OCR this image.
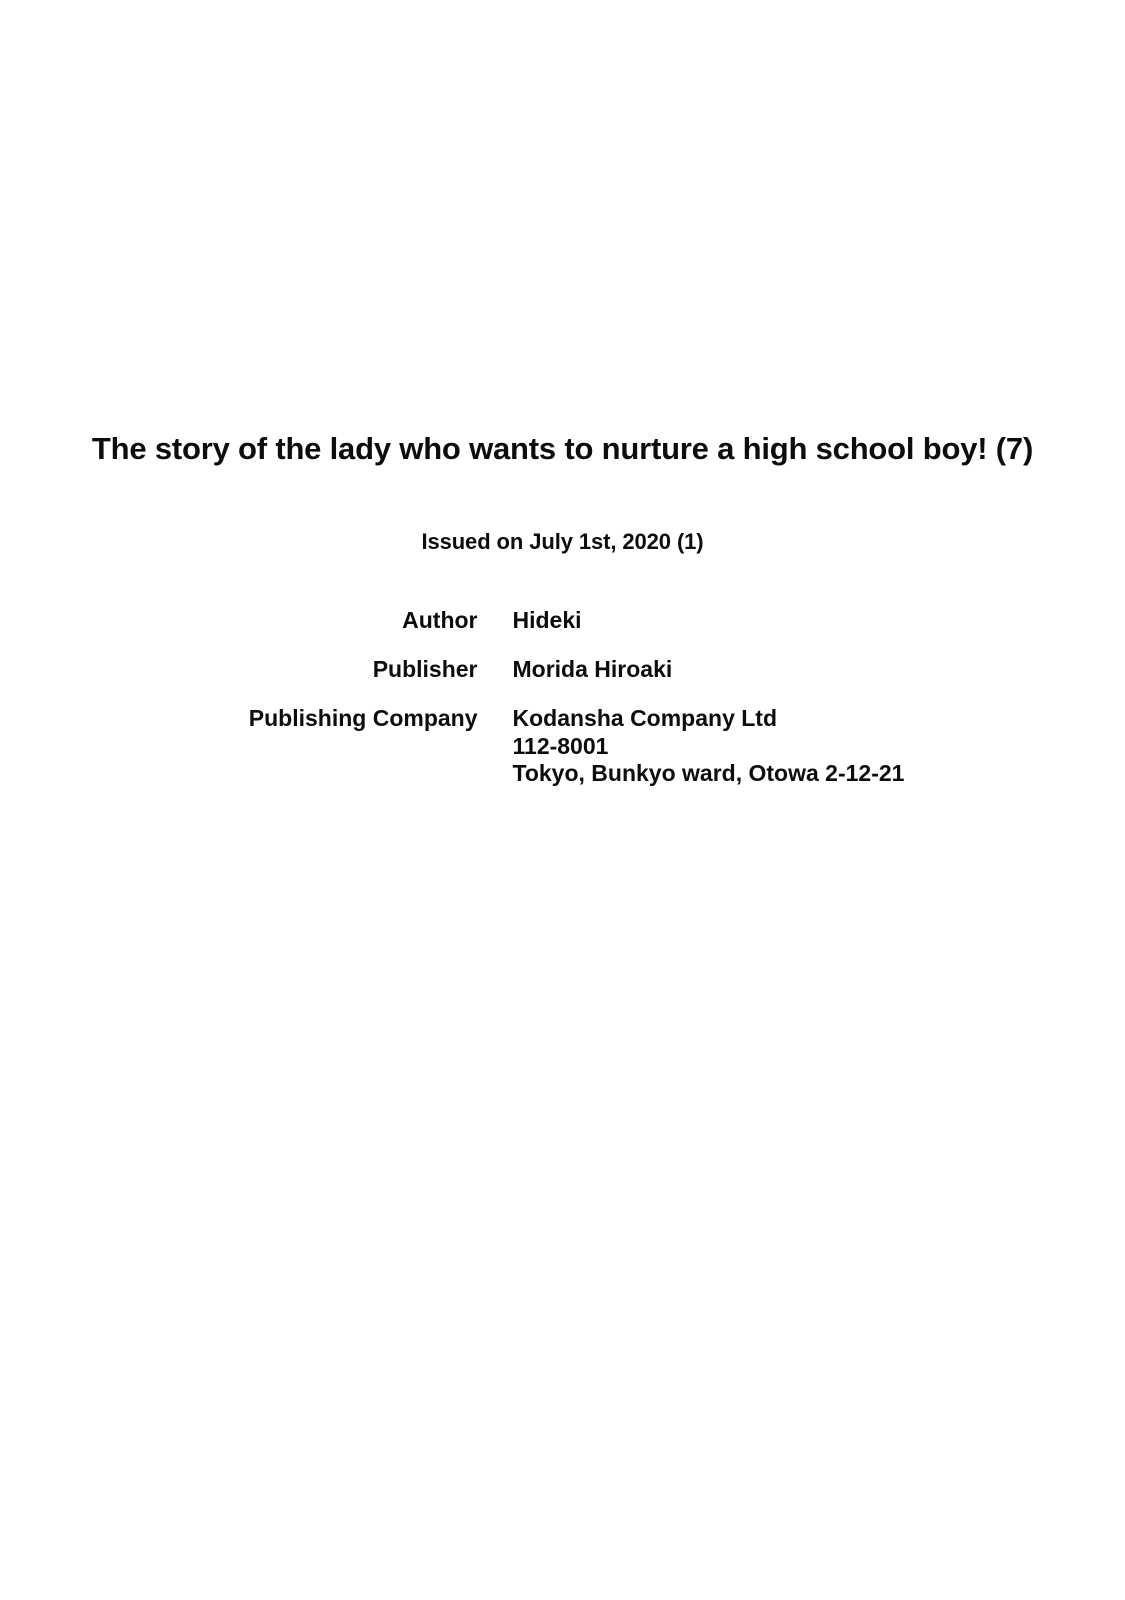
The story of the lady who wants to nurture a high school boy! (7)
Issued on July 1st, 2020 (1)
Author	Hideki
Publisher	Morida Hiroaki
Publishing Company	Kodansha Company Ltd
112-8001
Tokyo, Bunkyo ward, Otowa 2-12-21
